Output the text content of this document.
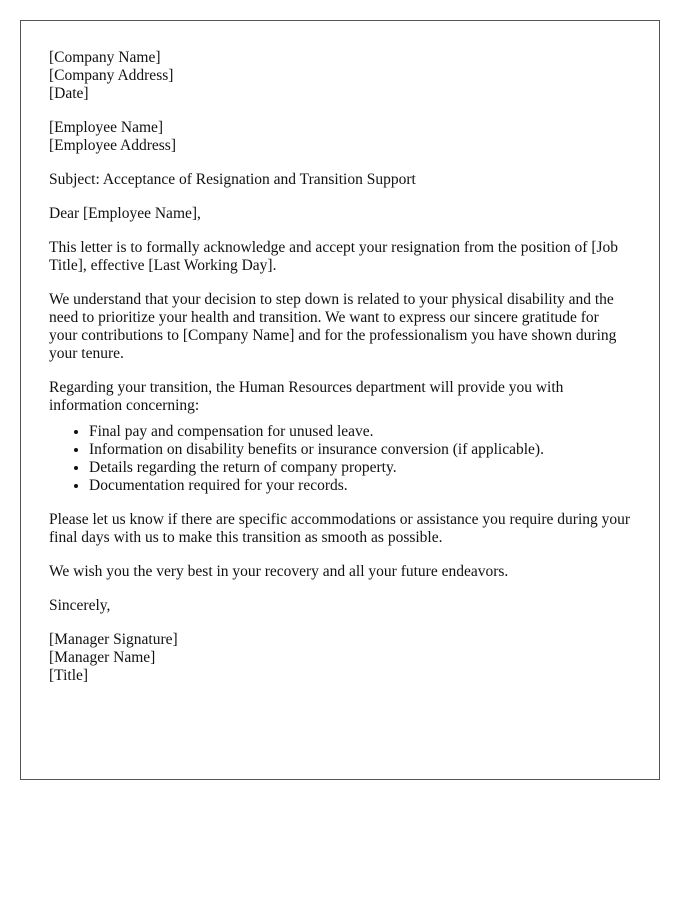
[Company Name]
[Company Address]
[Date]
[Employee Name]
[Employee Address]

Subject: Acceptance of Resignation and Transition Support

Dear [Employee Name],

This letter is to formally acknowledge and accept your resignation from the position of [Job Title], effective [Last Working Day].

We understand that your decision to step down is related to your physical disability and the need to prioritize your health and transition. We want to express our sincere gratitude for your contributions to [Company Name] and for the professionalism you have shown during your tenure.

Regarding your transition, the Human Resources department will provide you with information concerning:

• Final pay and compensation for unused leave.
• Information on disability benefits or insurance conversion (if applicable).
• Details regarding the return of company property.
• Documentation required for your records.

Please let us know if there are specific accommodations or assistance you require during your final days with us to make this transition as smooth as possible.

We wish you the very best in your recovery and all your future endeavors.

Sincerely,

[Manager Signature]
[Manager Name]
[Title]
